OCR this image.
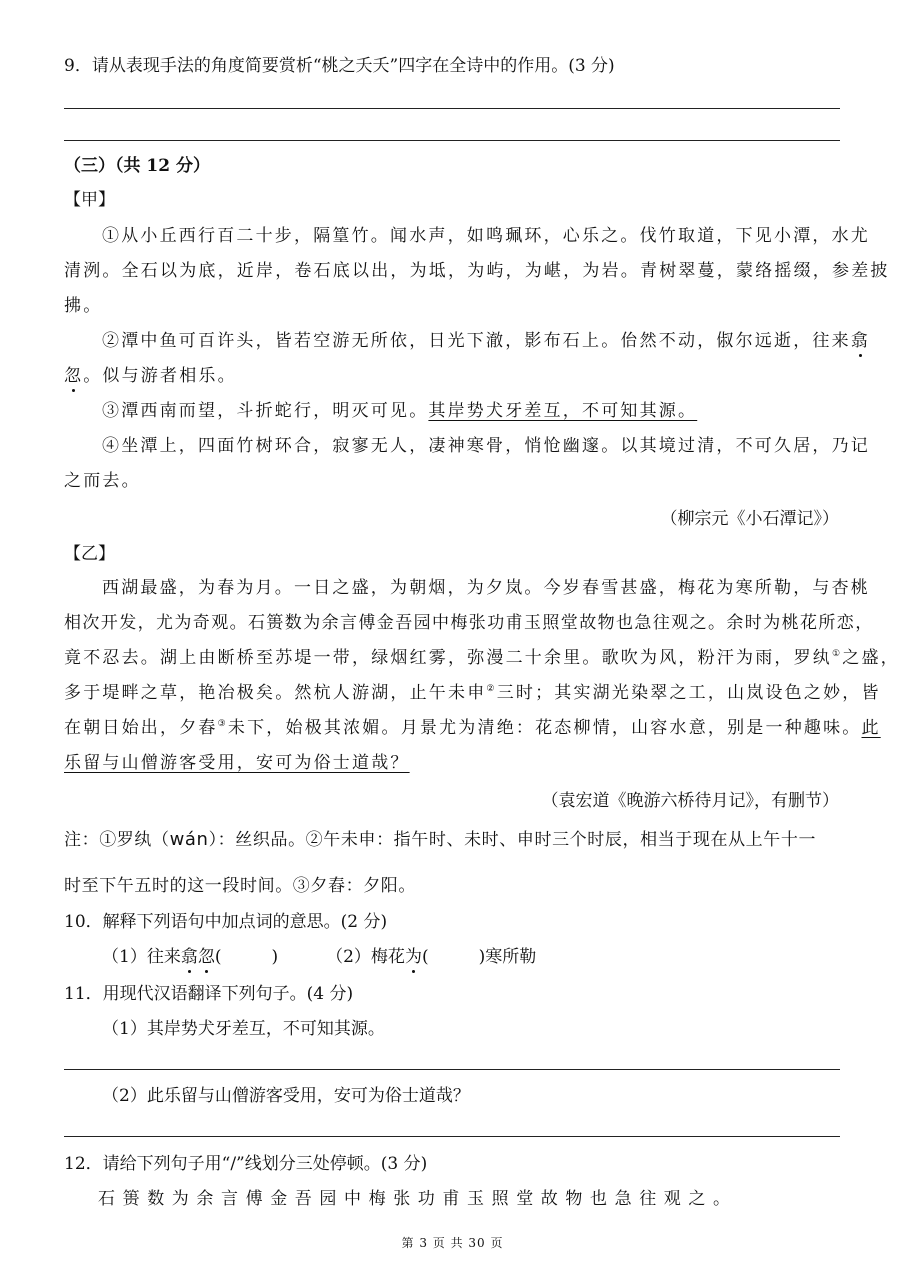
9．请从表现手法的角度简要赏析“桃之夭夭”四字在全诗中的作用。(3 分)
（三）（共 12 分）
【甲】
①从小丘西行百二十步，隔篁竹。闻水声，如鸣珮环，心乐之。伐竹取道，下见小潭，水尤
清洌。全石以为底，近岸，卷石底以出，为坻，为屿，为嵁，为岩。青树翠蔓，蒙络摇缀，参差披
拂。
②潭中鱼可百许头，皆若空游无所依，日光下澈，影布石上。佁然不动，俶尔远逝，往来翕
忽。似与游者相乐。
③潭西南而望，斗折蛇行，明灭可见。其岸势犬牙差互，不可知其源。
④坐潭上，四面竹树环合，寂寥无人，凄神寒骨，悄怆幽邃。以其境过清，不可久居，乃记
之而去。
（柳宗元《小石潭记》）
【乙】
西湖最盛，为春为月。一日之盛，为朝烟，为夕岚。今岁春雪甚盛，梅花为寒所勒，与杏桃
相次开发，尤为奇观。石篑数为余言傅金吾园中梅张功甫玉照堂故物也急往观之。余时为桃花所恋，
竟不忍去。湖上由断桥至苏堤一带，绿烟红雾，弥漫二十余里。歌吹为风，粉汗为雨，罗纨①之盛，
多于堤畔之草，艳冶极矣。然杭人游湖，止午未申②三时；其实湖光染翠之工，山岚设色之妙，皆
在朝日始出，夕舂③未下，始极其浓媚。月景尤为清绝：花态柳情，山容水意，别是一种趣味。此
乐留与山僧游客受用，安可为俗士道哉？
（袁宏道《晚游六桥待月记》，有删节）
注：①罗纨（wán）：丝织品。②午未申：指午时、未时、申时三个时辰，相当于现在从上午十一
时至下午五时的这一段时间。③夕舂：夕阳。
10．解释下列语句中加点词的意思。(2 分)
（1）往来翕忽(	)	（2）梅花为(	)寒所勒
11．用现代汉语翻译下列句子。(4 分)
（1）其岸势犬牙差互，不可知其源。
（2）此乐留与山僧游客受用，安可为俗士道哉？
12．请给下列句子用“/”线划分三处停顿。(3 分)
石篑数为余言傅金吾园中梅张功甫玉照堂故物也急往观之。
第 3 页 共 30 页
